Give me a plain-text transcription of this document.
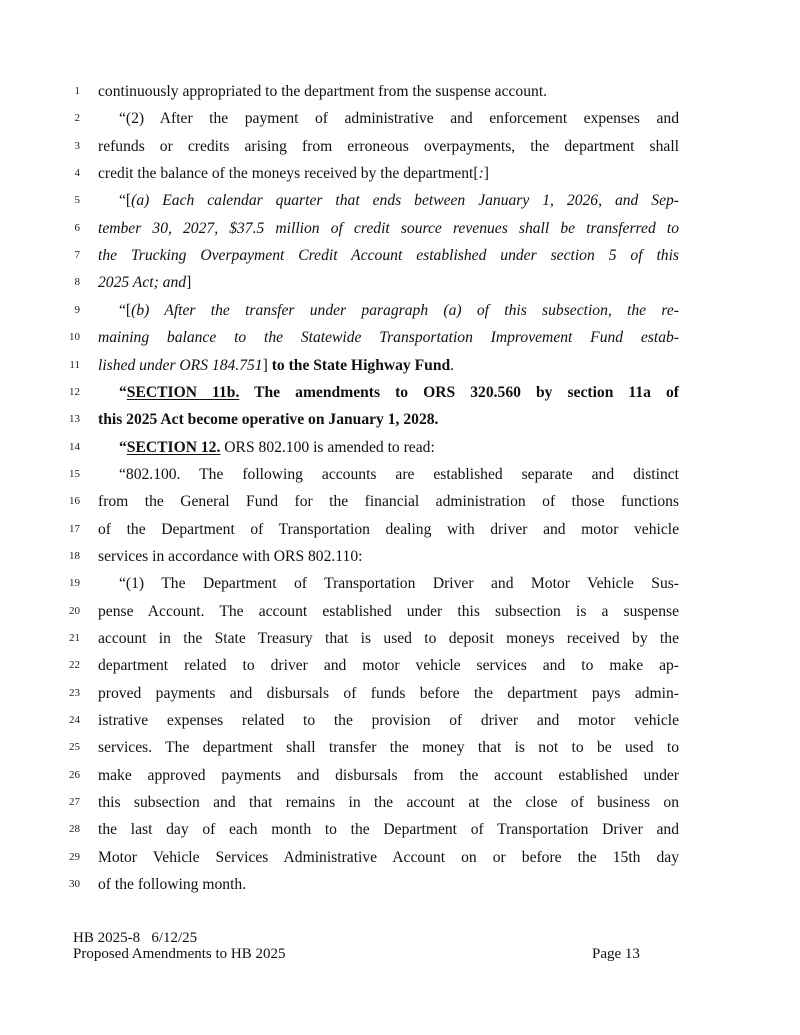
1 continuously appropriated to the department from the suspense account.
2	“(2) After the payment of administrative and enforcement expenses and
3 refunds or credits arising from erroneous overpayments, the department shall
4 credit the balance of the moneys received by the department[:]
5	“[(a) Each calendar quarter that ends between January 1, 2026, and Sep-
6 tember 30, 2027, $37.5 million of credit source revenues shall be transferred to
7 the Trucking Overpayment Credit Account established under section 5 of this
8 2025 Act; and]
9	“[(b) After the transfer under paragraph (a) of this subsection, the re-
10 maining balance to the Statewide Transportation Improvement Fund estab-
11 lished under ORS 184.751] to the State Highway Fund.
12	“SECTION 11b. The amendments to ORS 320.560 by section 11a of
13 this 2025 Act become operative on January 1, 2028.
14	“SECTION 12. ORS 802.100 is amended to read:
15	“802.100. The following accounts are established separate and distinct
16 from the General Fund for the financial administration of those functions
17 of the Department of Transportation dealing with driver and motor vehicle
18 services in accordance with ORS 802.110:
19	“(1) The Department of Transportation Driver and Motor Vehicle Sus-
20 pense Account. The account established under this subsection is a suspense
21 account in the State Treasury that is used to deposit moneys received by the
22 department related to driver and motor vehicle services and to make ap-
23 proved payments and disbursals of funds before the department pays admin-
24 istrative expenses related to the provision of driver and motor vehicle
25 services. The department shall transfer the money that is not to be used to
26 make approved payments and disbursals from the account established under
27 this subsection and that remains in the account at the close of business on
28 the last day of each month to the Department of Transportation Driver and
29 Motor Vehicle Services Administrative Account on or before the 15th day
30 of the following month.
HB 2025-8   6/12/25
Proposed Amendments to HB 2025	Page 13
